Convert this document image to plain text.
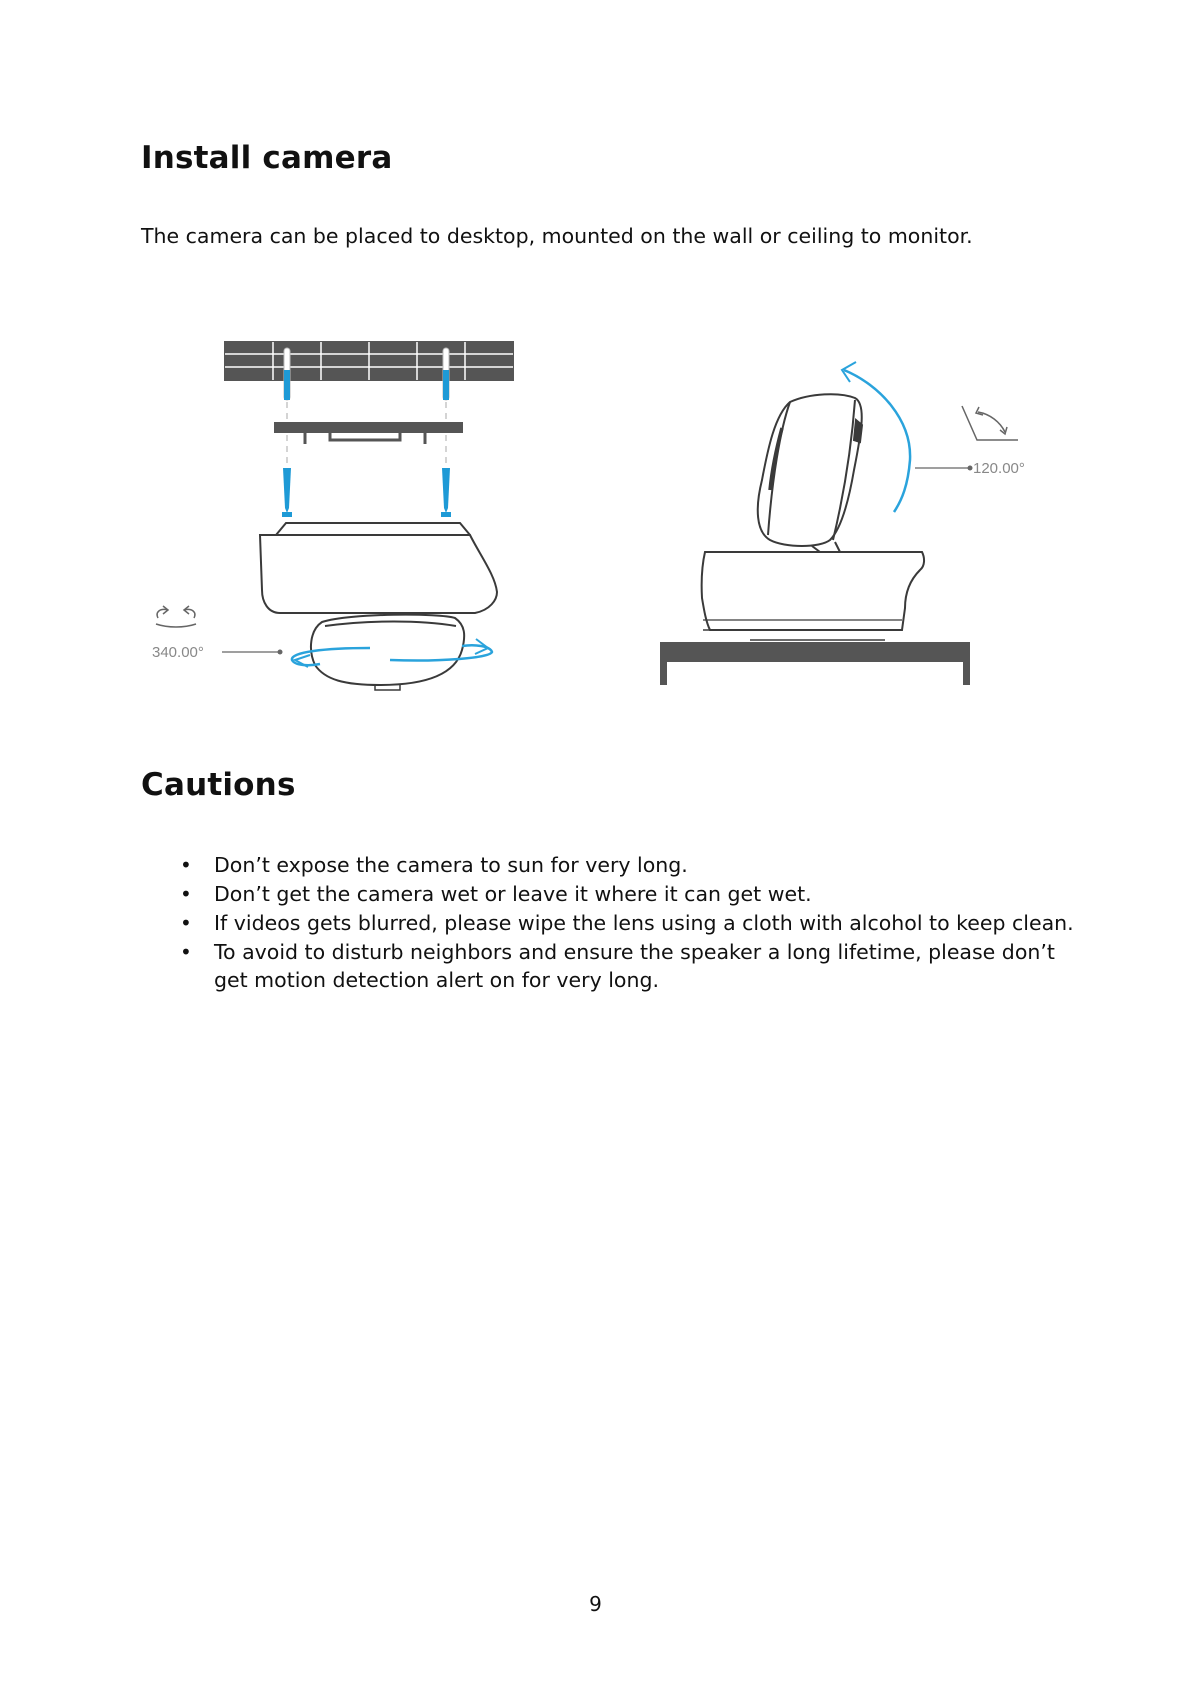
Install camera

The camera can be placed to desktop, mounted on the wall or ceiling to monitor.

340.00°
120.00°
Cautions
• Don’t expose the camera to sun for very long.
• Don’t get the camera wet or leave it where it can get wet.
• If videos gets blurred, please wipe the lens using a cloth with alcohol to keep clean.
• To avoid to disturb neighbors and ensure the speaker a long lifetime, please don’t get motion detection alert on for very long.
9
